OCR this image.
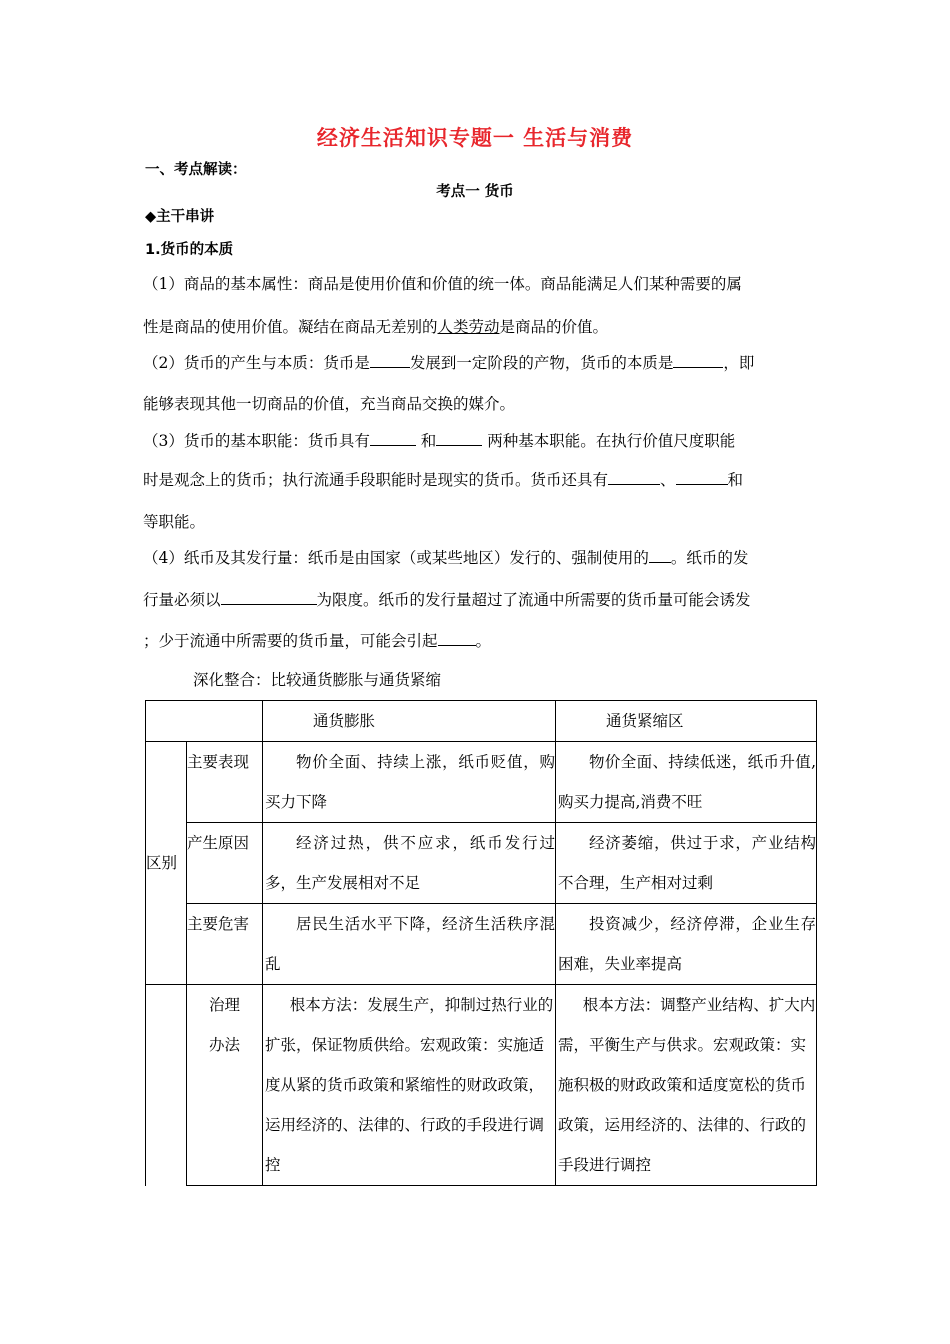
经济生活知识专题一 生活与消费
一、考点解读：
考点一 货币
◆主干串讲
1.货币的本质
（1）商品的基本属性：商品是使用价值和价值的统一体。商品能满足人们某种需要的属
性是商品的使用价值。凝结在商品无差别的人类劳动是商品的价值。
（2）货币的产生与本质：货币是	发展到一定阶段的产物，货币的本质是	，即
能够表现其他一切商品的价值，充当商品交换的媒介。
（3）货币的基本职能：货币具有	和	两种基本职能。在执行价值尺度职能
时是观念上的货币；执行流通手段职能时是现实的货币。货币还具有	、	和
等职能。
（4）纸币及其发行量：纸币是由国家（或某些地区）发行的、强制使用的 。纸币的发
行量必须以	为限度。纸币的发行量超过了流通中所需要的货币量可能会诱发
；少于流通中所需要的货币量，可能会引起 。
深化整合：比较通货膨胀与通货紧缩

		通货膨胀	通货紧缩区

区别	主要表现	物价全面、持续上涨，纸币贬值，购买力下降	物价全面、持续低迷，纸币升值,购买力提高,消费不旺

	产生原因	经济过热，供不应求，纸币发行过多，生产发展相对不足	经济萎缩，供过于求，产业结构不合理，生产相对过剩

	主要危害	居民生活水平下降，经济生活秩序混乱	投资减少，经济停滞，企业生存困难，失业率提高

	治理办法	根本方法：发展生产，抑制过热行业的扩张，保证物质供给。宏观政策：实施适度从紧的货币政策和紧缩性的财政政策，运用经济的、法律的、行政的手段进行调控	根本方法：调整产业结构、扩大内需，平衡生产与供求。宏观政策：实施积极的财政政策和适度宽松的货币政策，运用经济的、法律的、行政的手段进行调控
